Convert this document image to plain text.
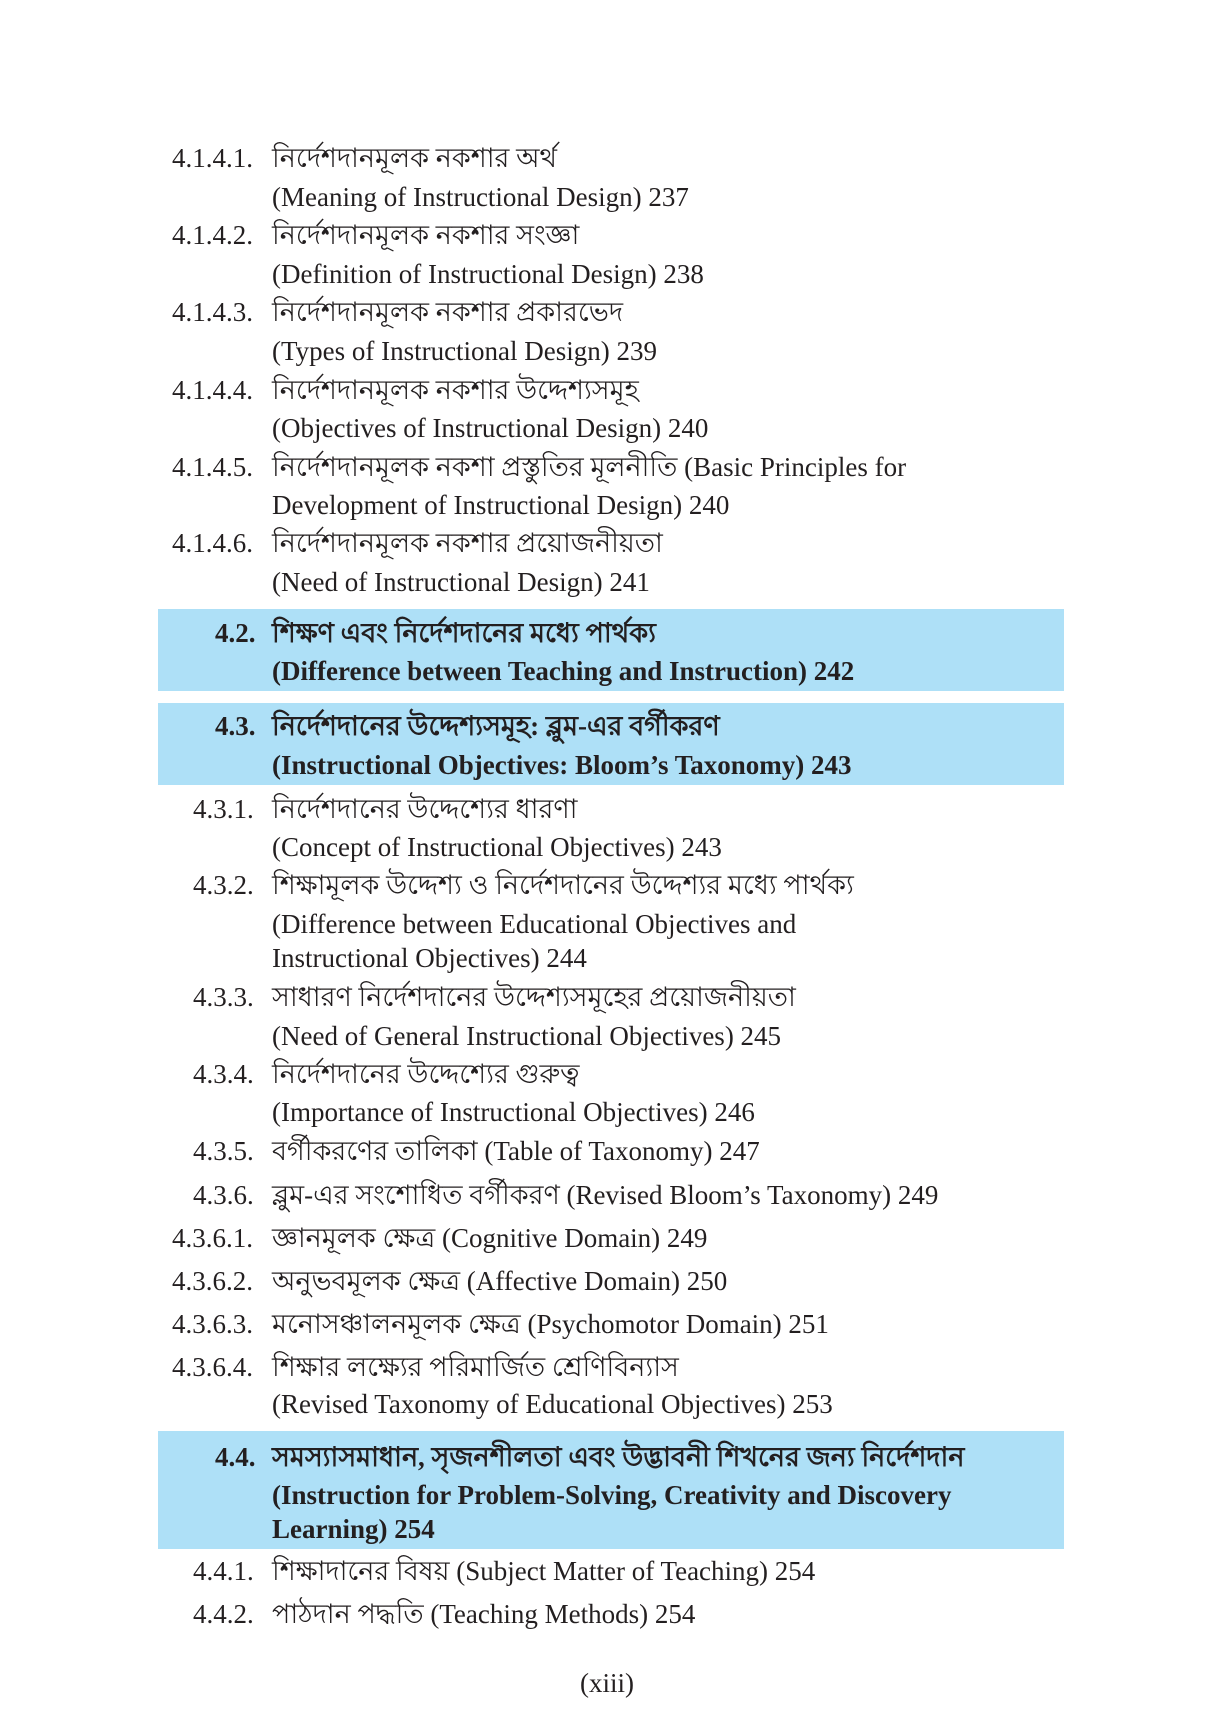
4.1.4.1. নির্দেশদানমূলক নকশার অর্থ
(Meaning of Instructional Design) 237
4.1.4.2. নির্দেশদানমূলক নকশার সংজ্ঞা
(Definition of Instructional Design) 238
4.1.4.3. নির্দেশদানমূলক নকশার প্রকারভেদ
(Types of Instructional Design) 239
4.1.4.4. নির্দেশদানমূলক নকশার উদ্দেশ্যসমূহ
(Objectives of Instructional Design) 240
4.1.4.5. নির্দেশদানমূলক নকশা প্রস্তুতির মূলনীতি (Basic Principles for
Development of Instructional Design) 240
4.1.4.6. নির্দেশদানমূলক নকশার প্রয়োজনীয়তা
(Need of Instructional Design) 241
4.2. শিক্ষণ এবং নির্দেশদানের মধ্যে পার্থক্য
(Difference between Teaching and Instruction) 242
4.3. নির্দেশদানের উদ্দেশ্যসমূহ: ব্লুম-এর বর্গীকরণ
(Instructional Objectives: Bloom’s Taxonomy) 243
4.3.1. নির্দেশদানের উদ্দেশ্যের ধারণা
(Concept of Instructional Objectives) 243
4.3.2. শিক্ষামূলক উদ্দেশ্য ও নির্দেশদানের উদ্দেশ্যর মধ্যে পার্থক্য
(Difference between Educational Objectives and
Instructional Objectives) 244
4.3.3. সাধারণ নির্দেশদানের উদ্দেশ্যসমূহের প্রয়োজনীয়তা
(Need of General Instructional Objectives) 245
4.3.4. নির্দেশদানের উদ্দেশ্যের গুরুত্ব
(Importance of Instructional Objectives) 246
4.3.5. বর্গীকরণের তালিকা (Table of Taxonomy) 247
4.3.6. ব্লুম-এর সংশোধিত বর্গীকরণ (Revised Bloom’s Taxonomy) 249
4.3.6.1. জ্ঞানমূলক ক্ষেত্র (Cognitive Domain) 249
4.3.6.2. অনুভবমূলক ক্ষেত্র (Affective Domain) 250
4.3.6.3. মনোসঞ্চালনমূলক ক্ষেত্র (Psychomotor Domain) 251
4.3.6.4. শিক্ষার লক্ষ্যের পরিমার্জিত শ্রেণিবিন্যাস
(Revised Taxonomy of Educational Objectives) 253
4.4. সমস্যাসমাধান, সৃজনশীলতা এবং উদ্ভাবনী শিখনের জন্য নির্দেশদান
(Instruction for Problem-Solving, Creativity and Discovery
Learning) 254
4.4.1. শিক্ষাদানের বিষয় (Subject Matter of Teaching) 254
4.4.2. পাঠদান পদ্ধতি (Teaching Methods) 254
(xiii)
